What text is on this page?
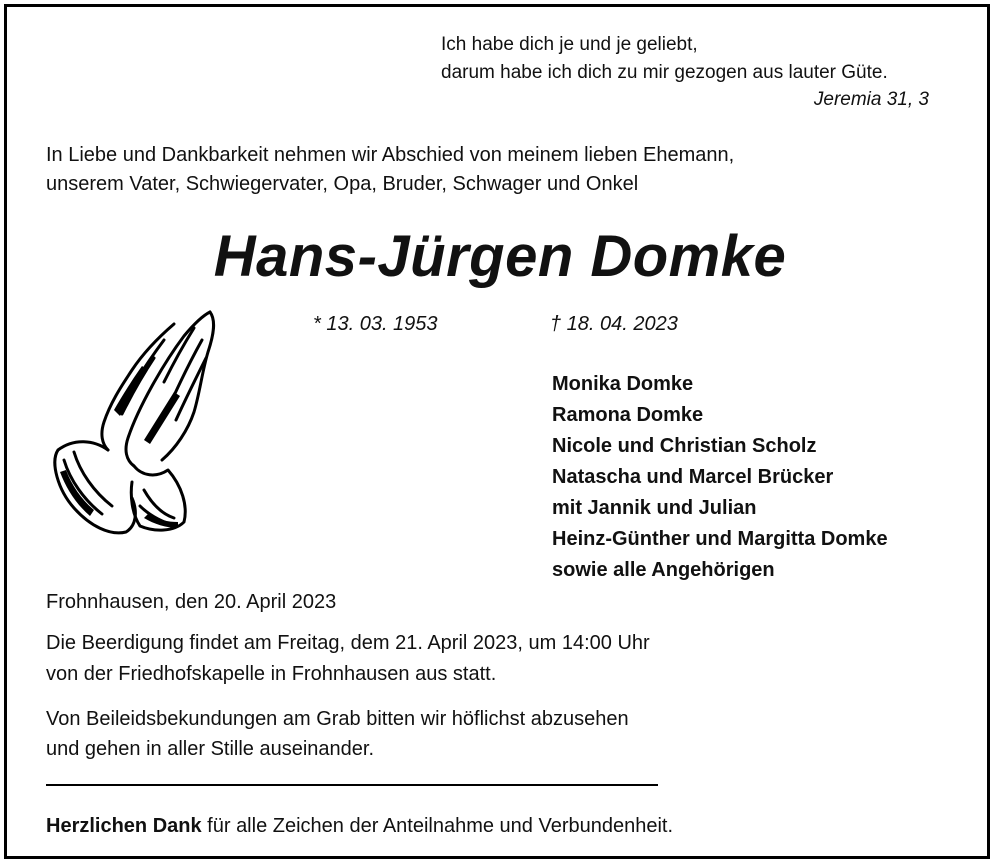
Ich habe dich je und je geliebt,
darum habe ich dich zu mir gezogen aus lauter Güte.
Jeremia 31, 3
In Liebe und Dankbarkeit nehmen wir Abschied von meinem lieben Ehemann,
unserem Vater, Schwiegervater, Opa, Bruder, Schwager und Onkel
Hans-Jürgen Domke
* 13. 03. 1953	† 18. 04. 2023
Monika Domke
Ramona Domke
Nicole und Christian Scholz
Natascha und Marcel Brücker
mit Jannik und Julian
Heinz-Günther und Margitta Domke
sowie alle Angehörigen
Frohnhausen, den 20. April 2023
Die Beerdigung findet am Freitag, dem 21. April 2023, um 14:00 Uhr
von der Friedhofskapelle in Frohnhausen aus statt.
Von Beileidsbekundungen am Grab bitten wir höflichst abzusehen
und gehen in aller Stille auseinander.
Herzlichen Dank für alle Zeichen der Anteilnahme und Verbundenheit.
